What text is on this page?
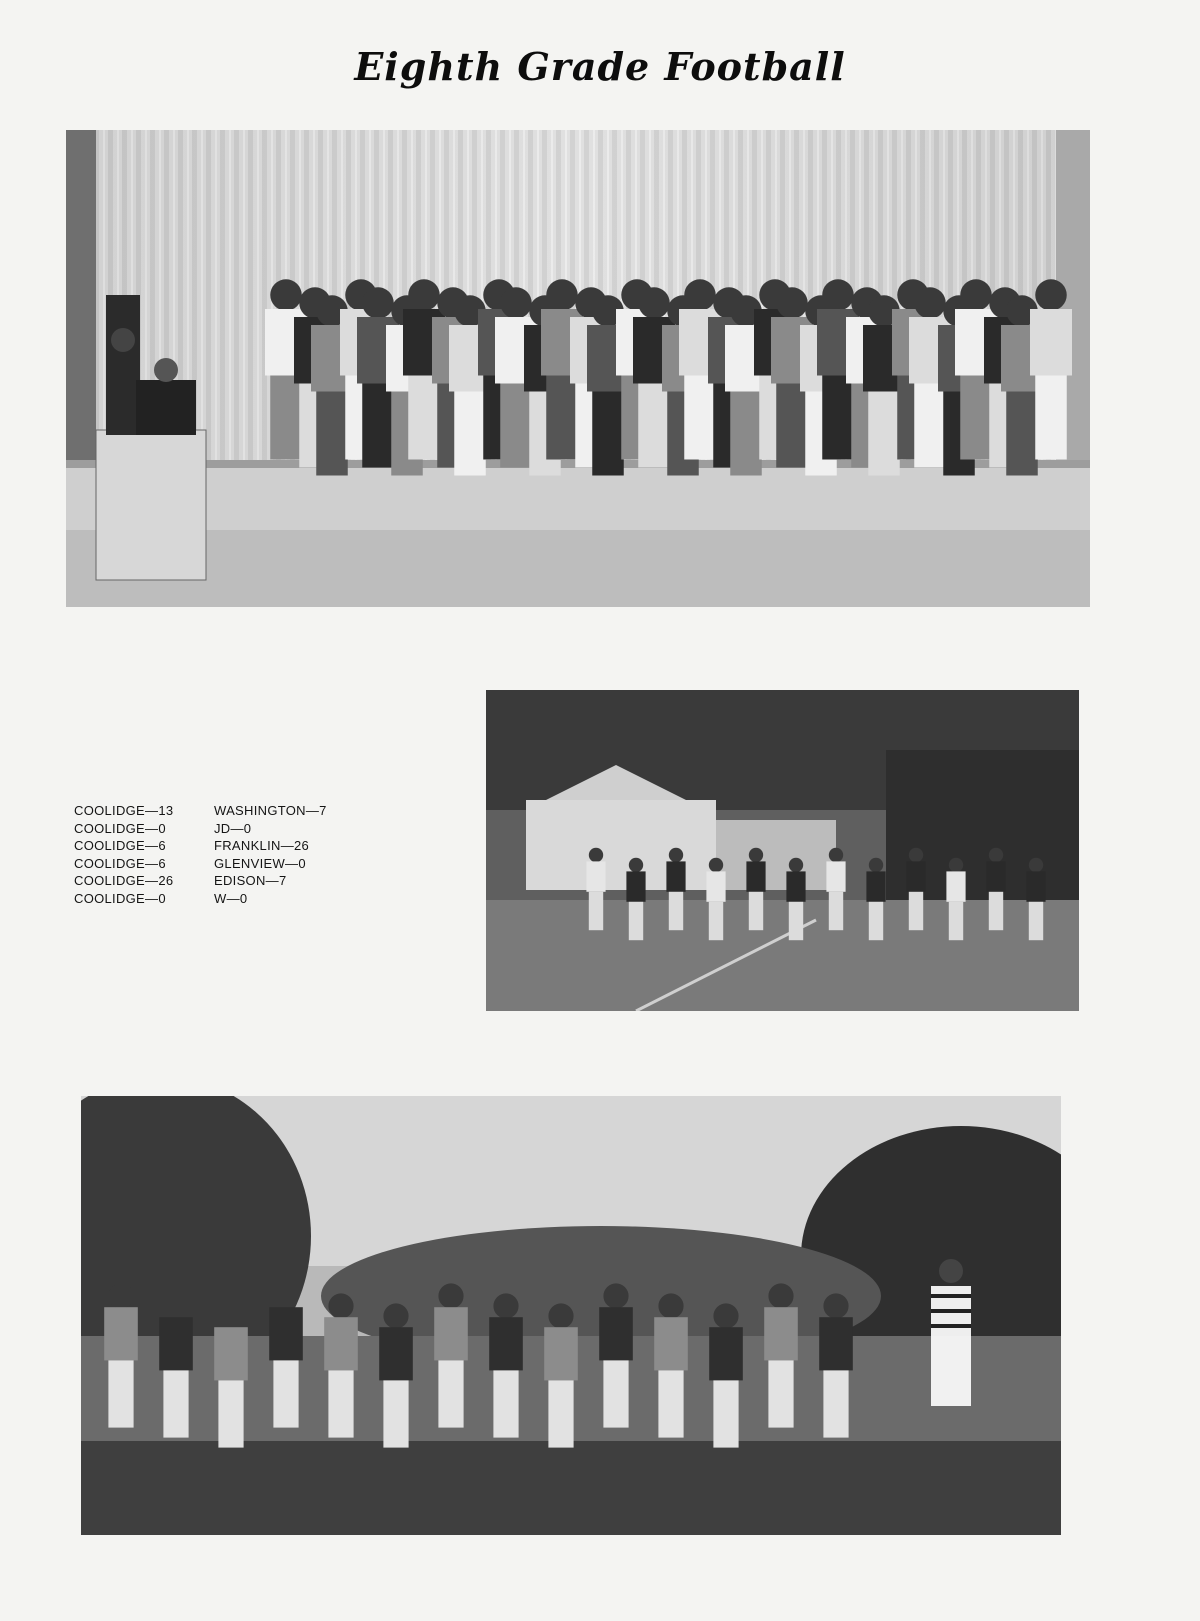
Eighth Grade Football
COOLIDGE—13	WASHINGTON—7
COOLIDGE—0	JD—0
COOLIDGE—6	FRANKLIN—26
COOLIDGE—6	GLENVIEW—0
COOLIDGE—26	EDISON—7
COOLIDGE—0	W—0
